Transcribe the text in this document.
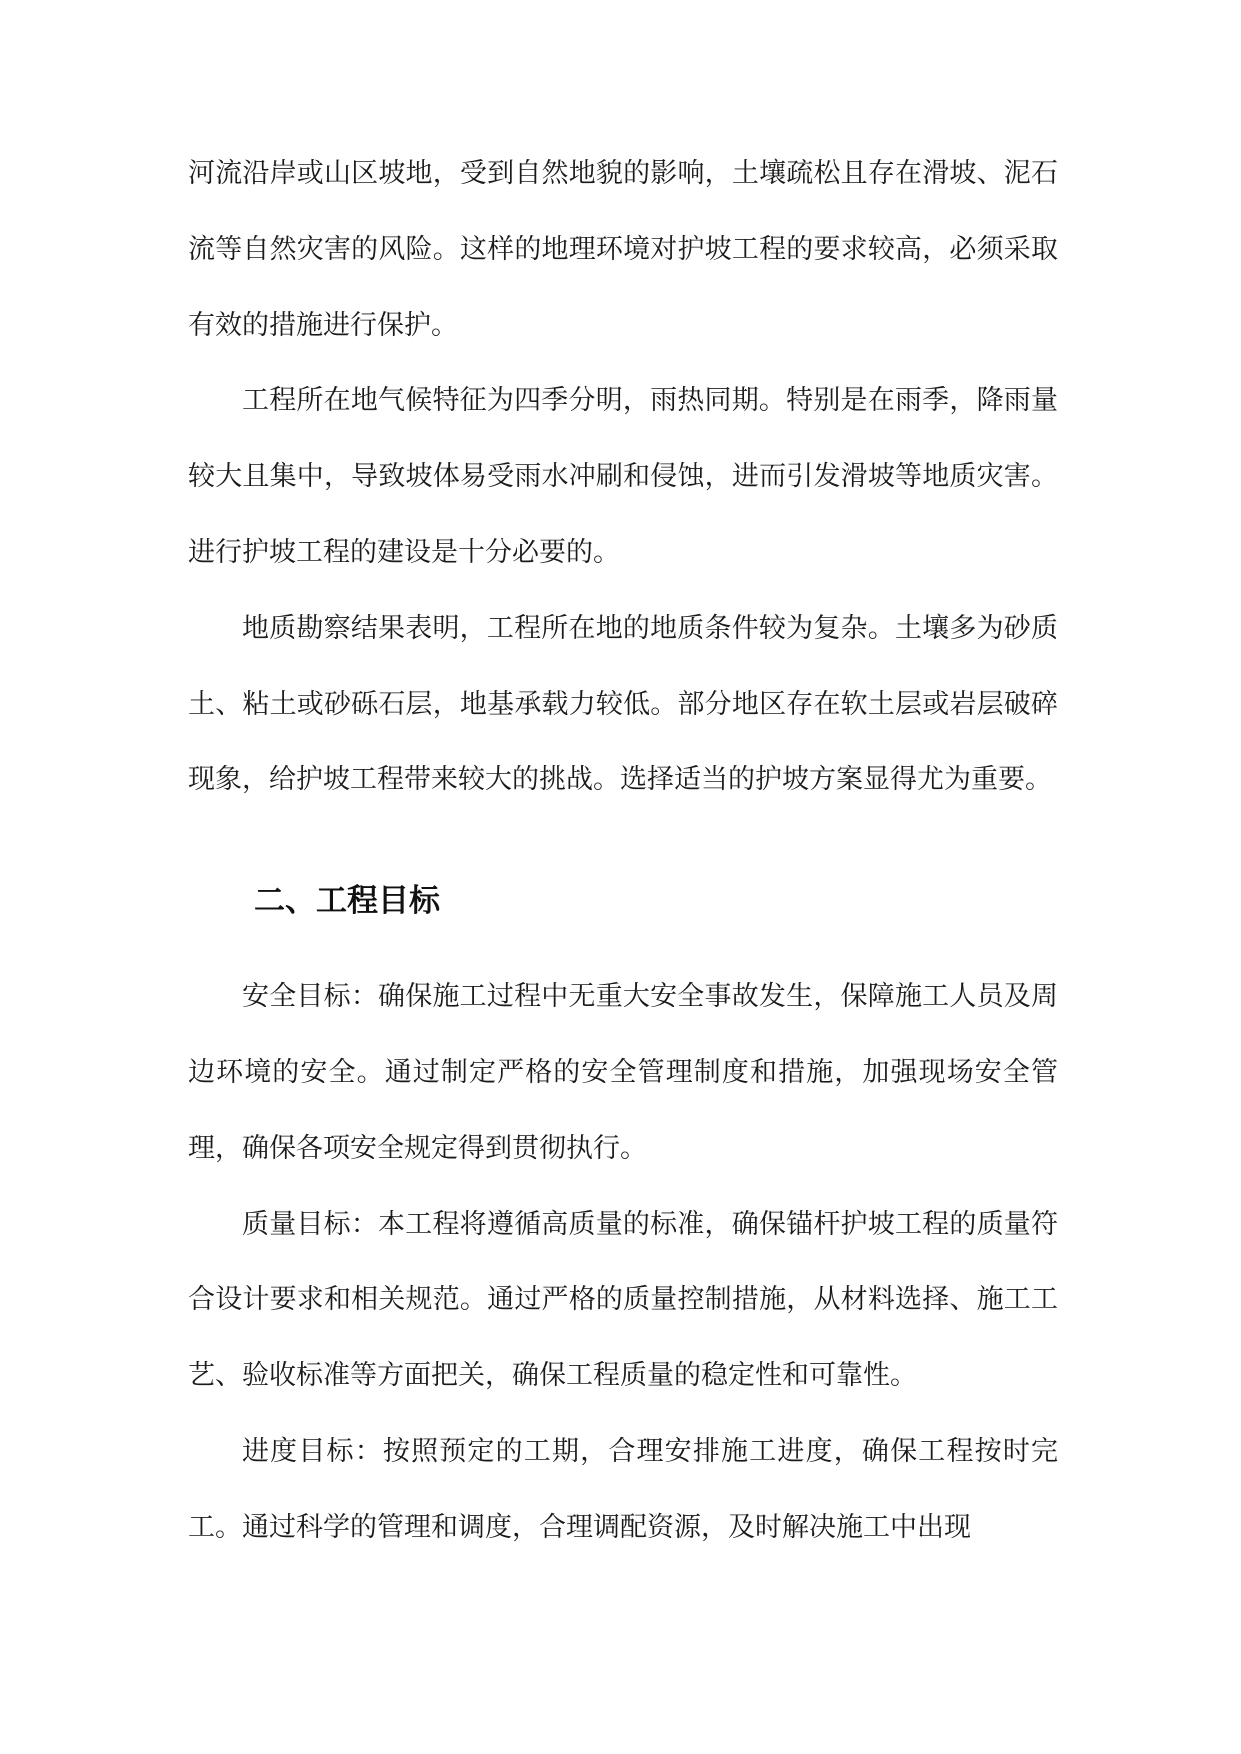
河流沿岸或山区坡地，受到自然地貌的影响，土壤疏松且存在滑坡、泥石流等自然灾害的风险。这样的地理环境对护坡工程的要求较高，必须采取有效的措施进行保护。

工程所在地气候特征为四季分明，雨热同期。特别是在雨季，降雨量较大且集中，导致坡体易受雨水冲刷和侵蚀，进而引发滑坡等地质灾害。进行护坡工程的建设是十分必要的。

地质勘察结果表明，工程所在地的地质条件较为复杂。土壤多为砂质土、粘土或砂砾石层，地基承载力较低。部分地区存在软土层或岩层破碎现象，给护坡工程带来较大的挑战。选择适当的护坡方案显得尤为重要。

二、工程目标

安全目标：确保施工过程中无重大安全事故发生，保障施工人员及周边环境的安全。通过制定严格的安全管理制度和措施，加强现场安全管理，确保各项安全规定得到贯彻执行。

质量目标：本工程将遵循高质量的标准，确保锚杆护坡工程的质量符合设计要求和相关规范。通过严格的质量控制措施，从材料选择、施工工艺、验收标准等方面把关，确保工程质量的稳定性和可靠性。

进度目标：按照预定的工期，合理安排施工进度，确保工程按时完工。通过科学的管理和调度，合理调配资源，及时解决施工中出现
